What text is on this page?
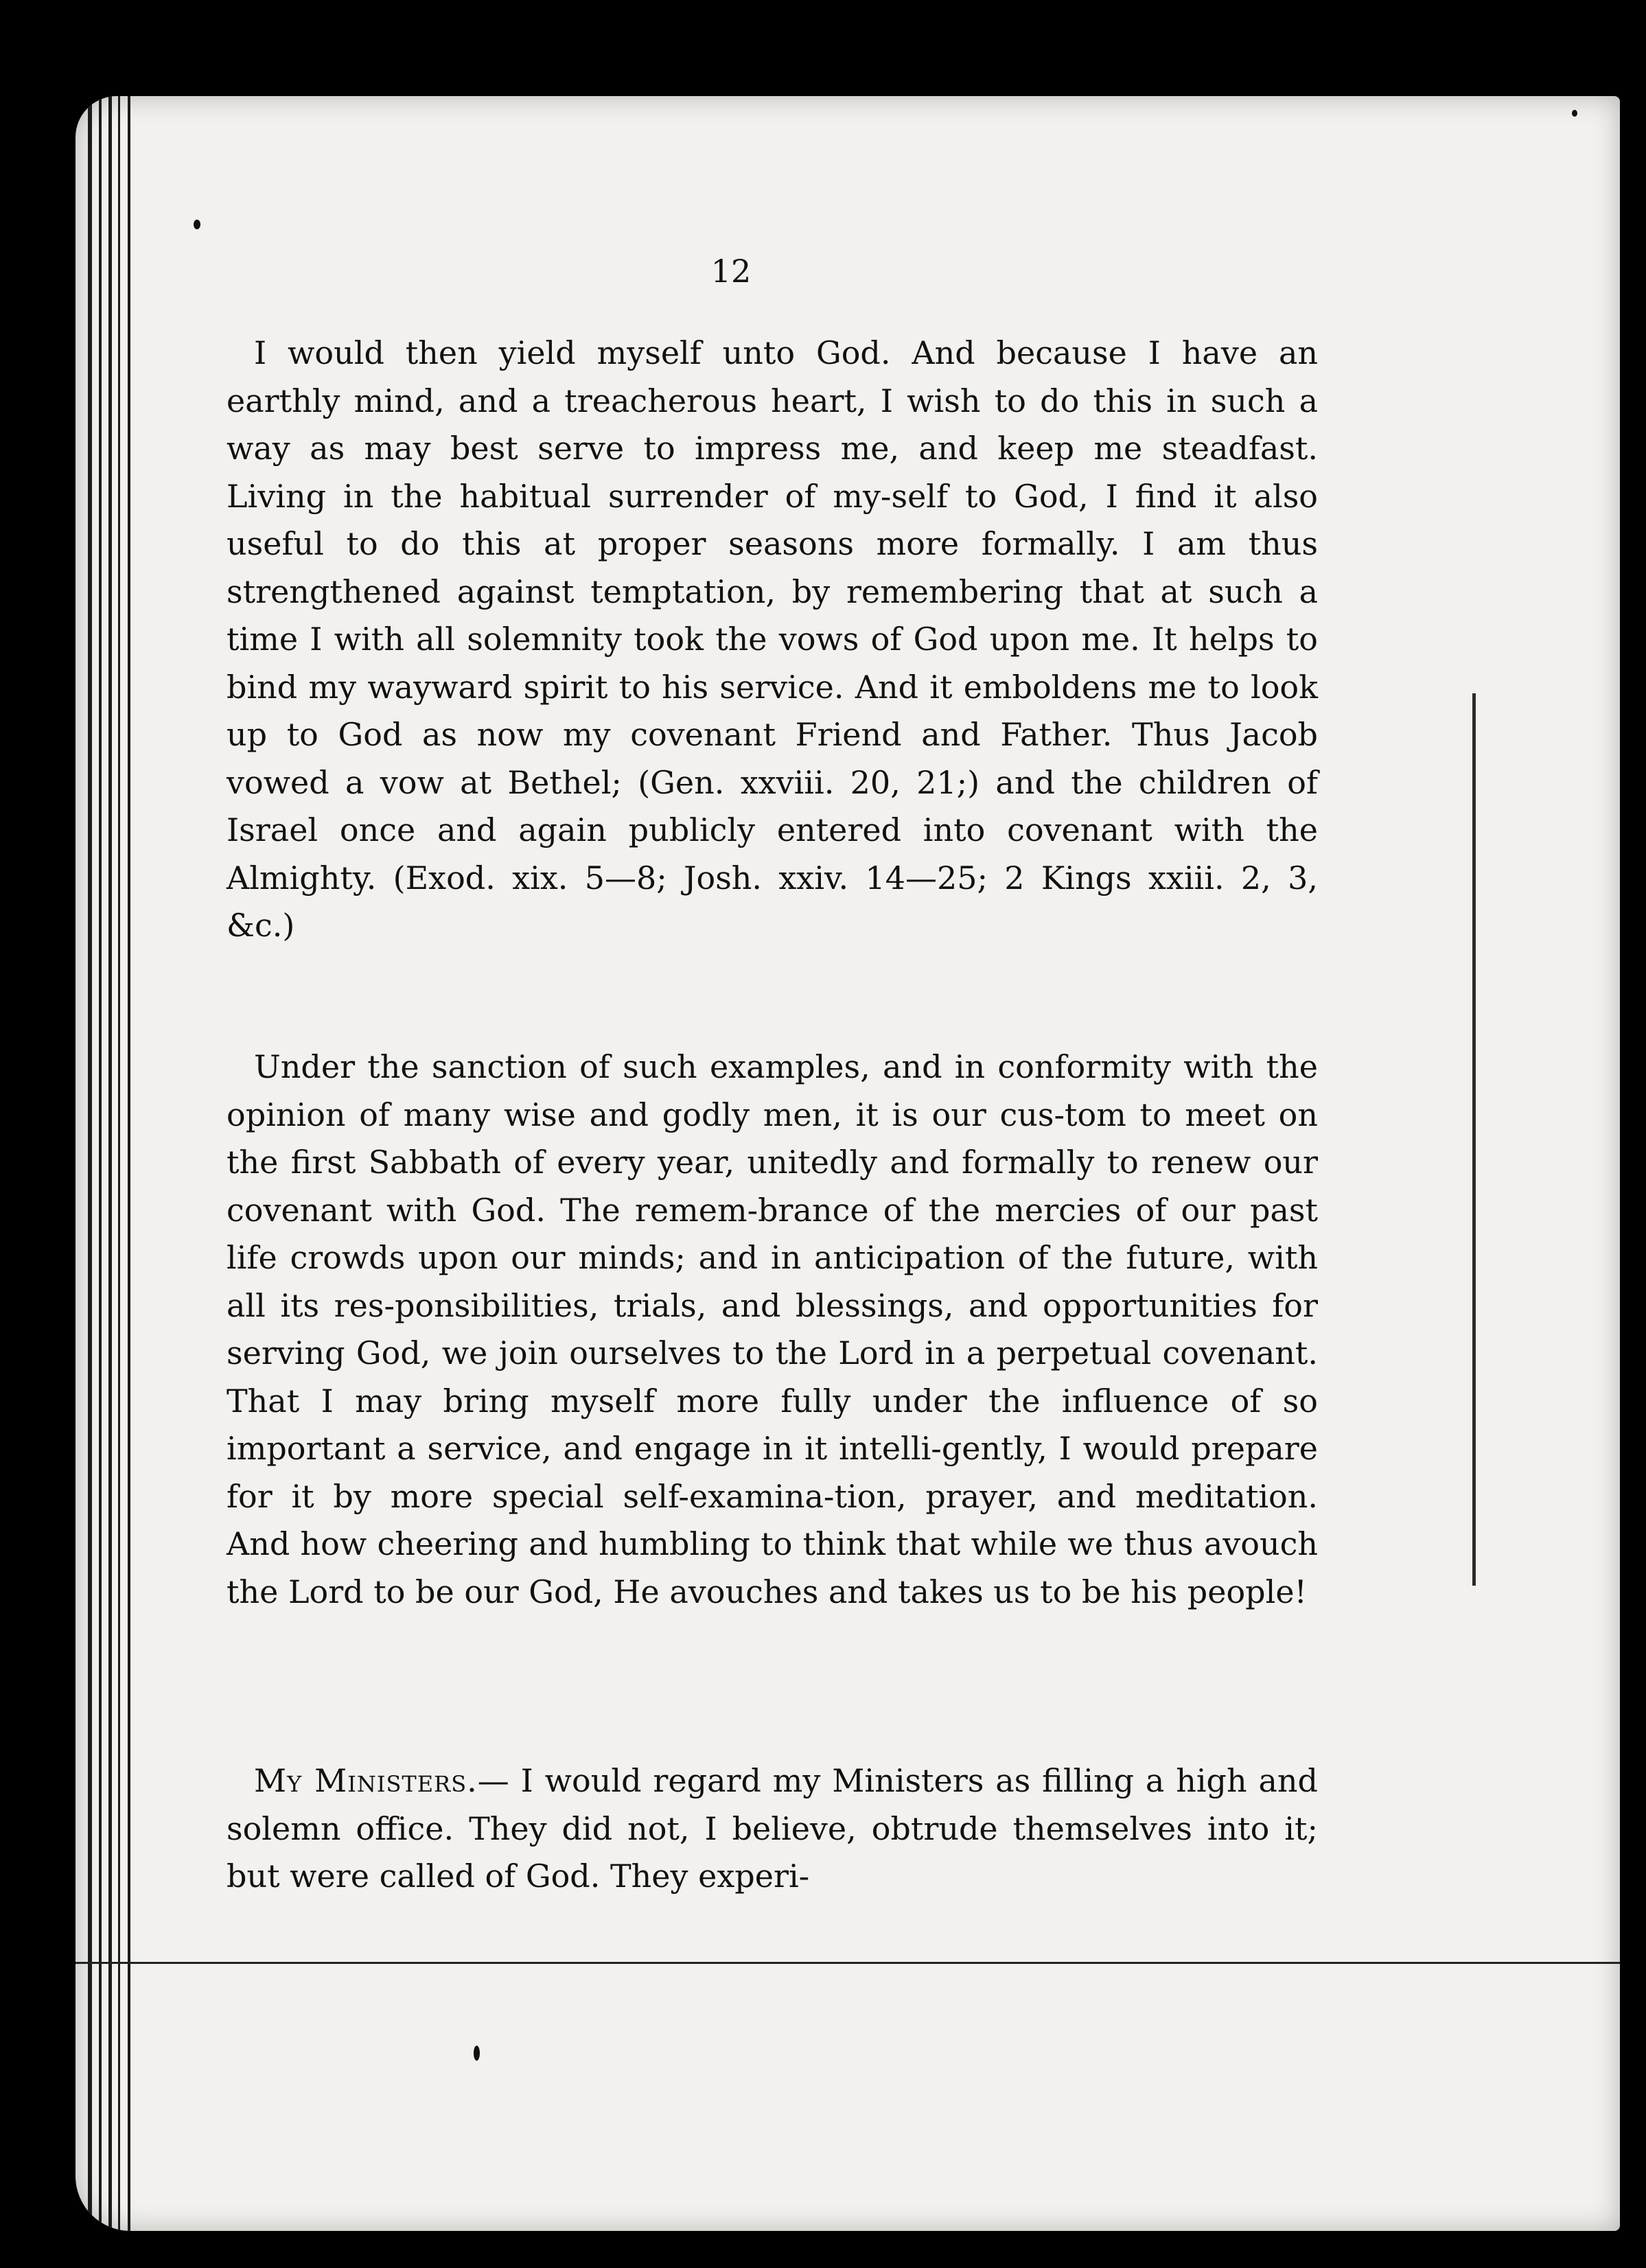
12

I would then yield myself unto God. And because I have an earthly mind, and a treacherous heart, I wish to do this in such a way as may best serve to impress me, and keep me steadfast. Living in the habitual surrender of my-self to God, I find it also useful to do this at proper seasons more formally. I am thus strengthened against temptation, by remembering that at such a time I with all solemnity took the vows of God upon me. It helps to bind my wayward spirit to his service. And it emboldens me to look up to God as now my covenant Friend and Father. Thus Jacob vowed a vow at Bethel; (Gen. xxviii. 20, 21;) and the children of Israel once and again publicly entered into covenant with the Almighty. (Exod. xix. 5—8; Josh. xxiv. 14—25; 2 Kings xxiii. 2, 3, &c.)

Under the sanction of such examples, and in conformity with the opinion of many wise and godly men, it is our cus-tom to meet on the first Sabbath of every year, unitedly and formally to renew our covenant with God. The remem-brance of the mercies of our past life crowds upon our minds; and in anticipation of the future, with all its res-ponsibilities, trials, and blessings, and opportunities for serving God, we join ourselves to the Lord in a perpetual covenant. That I may bring myself more fully under the influence of so important a service, and engage in it intelli-gently, I would prepare for it by more special self-examina-tion, prayer, and meditation. And how cheering and humbling to think that while we thus avouch the Lord to be our God, He avouches and takes us to be his people!

My Ministers.— I would regard my Ministers as filling a high and solemn office. They did not, I believe, obtrude themselves into it; but were called of God. They experi-
